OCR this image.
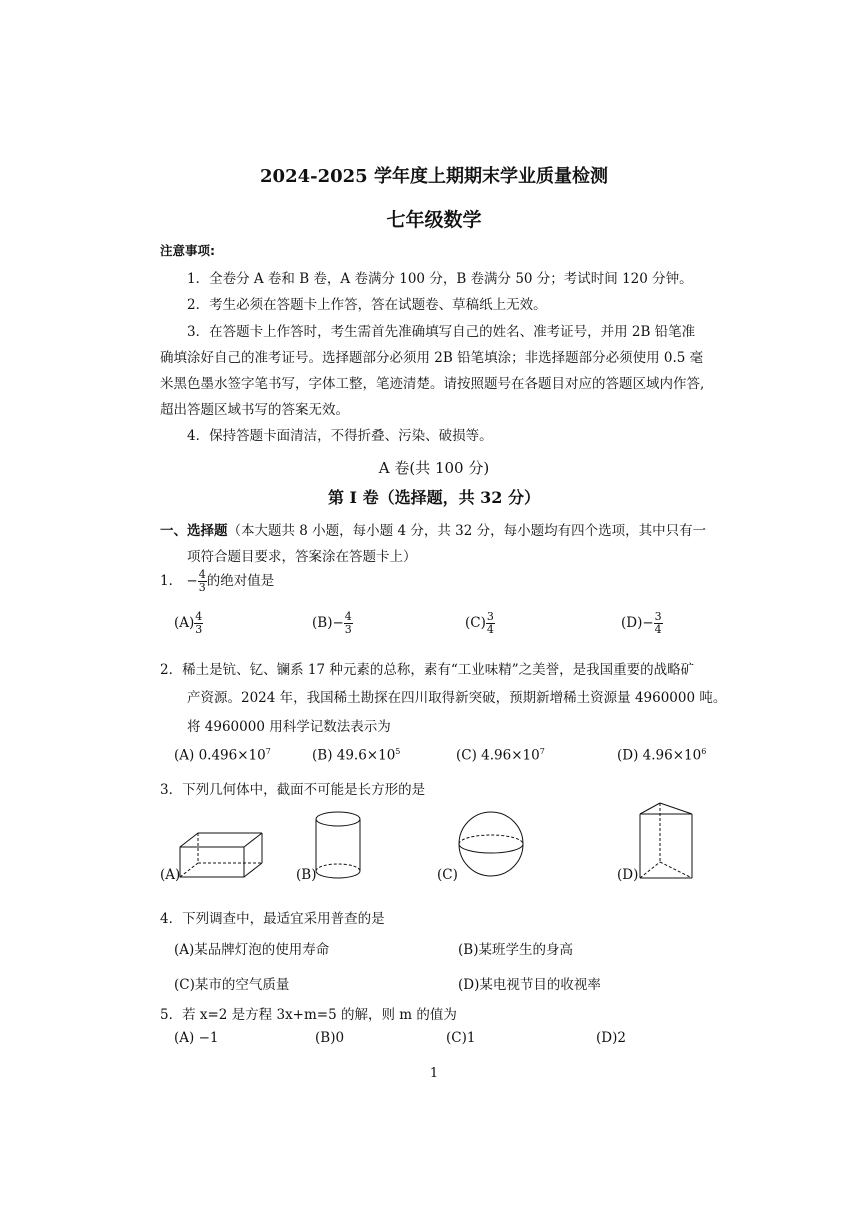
2024-2025 学年度上期期末学业质量检测
七年级数学
注意事项:
1．全卷分 A 卷和 B 卷，A 卷满分 100 分，B 卷满分 50 分；考试时间 120 分钟。
2．考生必须在答题卡上作答，答在试题卷、草稿纸上无效。
3．在答题卡上作答时，考生需首先准确填写自己的姓名、准考证号，并用 2B 铅笔准
确填涂好自己的准考证号。选择题部分必须用 2B 铅笔填涂；非选择题部分必须使用 0.5 毫
米黑色墨水签字笔书写，字体工整，笔迹清楚。请按照题号在各题目对应的答题区域内作答,
超出答题区域书写的答案无效。
4．保持答题卡面清洁，不得折叠、污染、破损等。
A 卷(共 100 分)
第 I 卷（选择题，共 32 分）
一、选择题（本大题共 8 小题，每小题 4 分，共 32 分，每小题均有四个选项，其中只有一
项符合题目要求，答案涂在答题卡上）
1． − $\frac{4}{3}$ 的绝对值是
$(A) \frac{4}{3}$	$(B)- \frac{4}{3}$	$(C) \frac{3}{4}$	$(D)- \frac{3}{4}$
2．稀土是钪、钇、镧系 17 种元素的总称，素有“工业味精”之美誉，是我国重要的战略矿
产资源。2024 年，我国稀土勘探在四川取得新突破，预期新增稀土资源量 4960000 吨。
将 4960000 用科学记数法表示为
(A) $0.496\times 10^7$	(B) $49.6\times 10^5$	(C) $4.96\times 10^7$	(D) $4.96\times 10^6$
3．下列几何体中，截面不可能是长方形的是
(A)	(B)	(C)	(D)
4．下列调查中，最适宜采用普查的是
(A)某品牌灯泡的使用寿命	(B)某班学生的身高
(C)某市的空气质量	(D)某电视节目的收视率
5．若 x=2 是方程 3x+m=5 的解，则 m 的值为
(A) −1	(B)0	(C)1	(D)2
1
